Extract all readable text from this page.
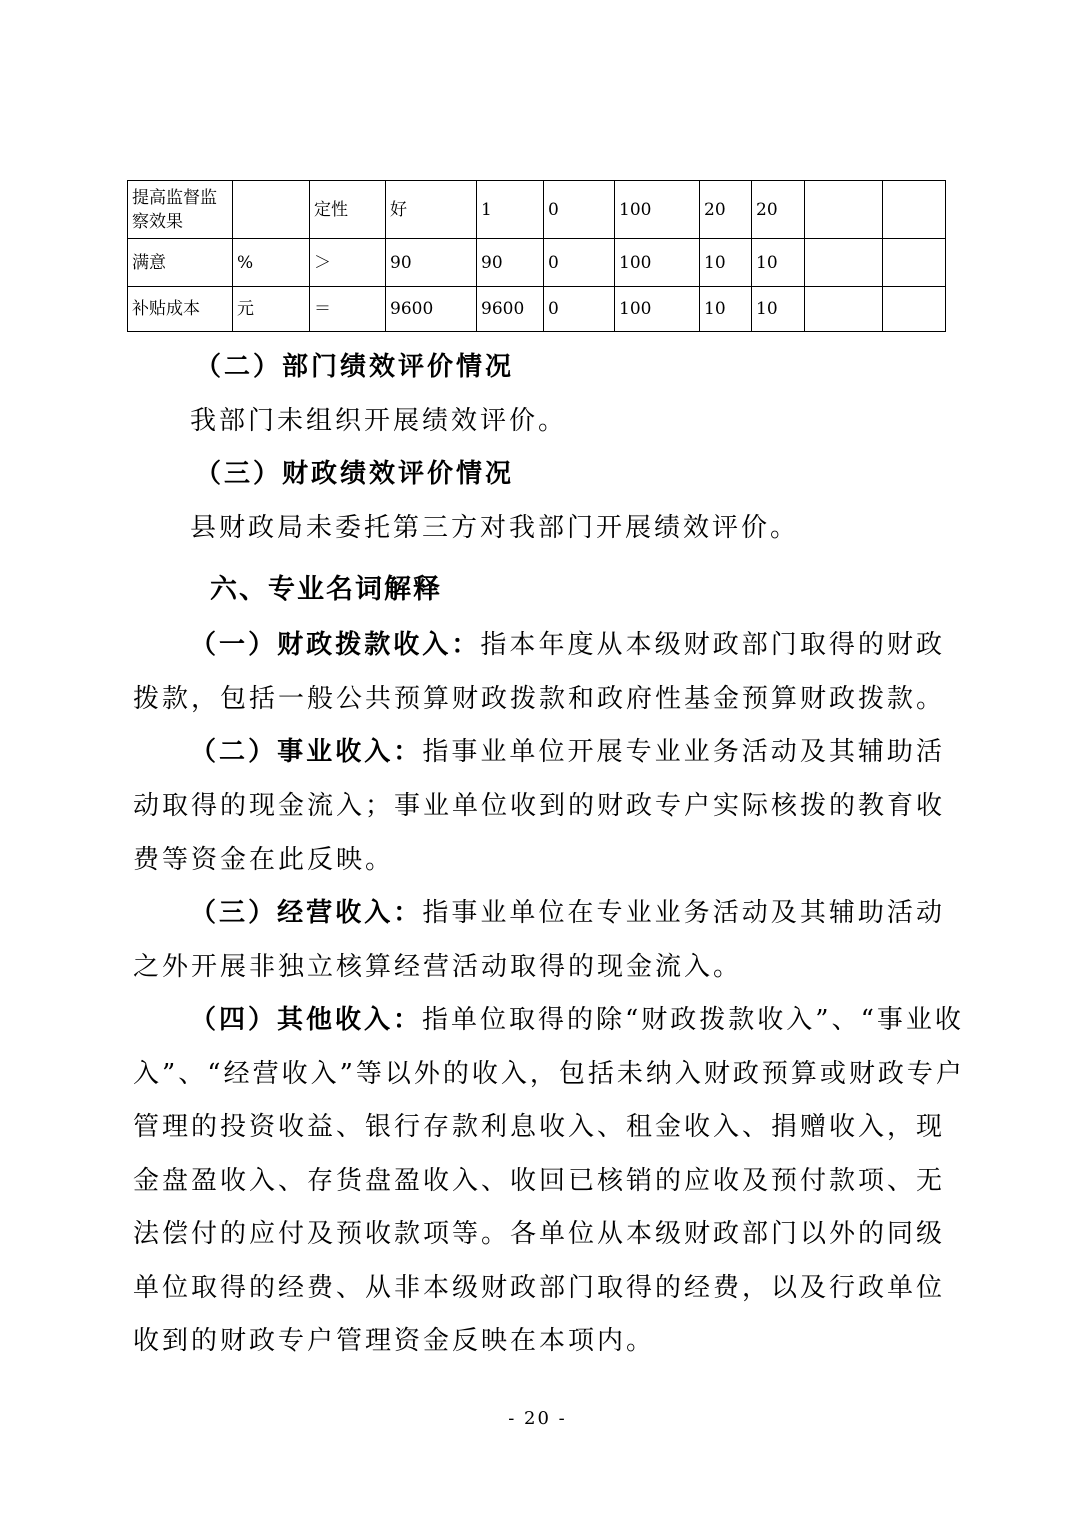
提高监督监察效果		定性	好	1	0	100	20	20		
满意	%	＞	90	90	0	100	10	10		
补贴成本	元	＝	9600	9600	0	100	10	10		
（二）部门绩效评价情况
我部门未组织开展绩效评价。
（三）财政绩效评价情况
县财政局未委托第三方对我部门开展绩效评价。
六、专业名词解释
（一）财政拨款收入：指本年度从本级财政部门取得的财政
拨款，包括一般公共预算财政拨款和政府性基金预算财政拨款。
（二）事业收入：指事业单位开展专业业务活动及其辅助活
动取得的现金流入；事业单位收到的财政专户实际核拨的教育收
费等资金在此反映。
（三）经营收入：指事业单位在专业业务活动及其辅助活动
之外开展非独立核算经营活动取得的现金流入。
（四）其他收入：指单位取得的除“财政拨款收入”、“事业收
入”、“经营收入”等以外的收入，包括未纳入财政预算或财政专户
管理的投资收益、银行存款利息收入、租金收入、捐赠收入，现
金盘盈收入、存货盘盈收入、收回已核销的应收及预付款项、无
法偿付的应付及预收款项等。各单位从本级财政部门以外的同级
单位取得的经费、从非本级财政部门取得的经费，以及行政单位
收到的财政专户管理资金反映在本项内。
- 20 -
